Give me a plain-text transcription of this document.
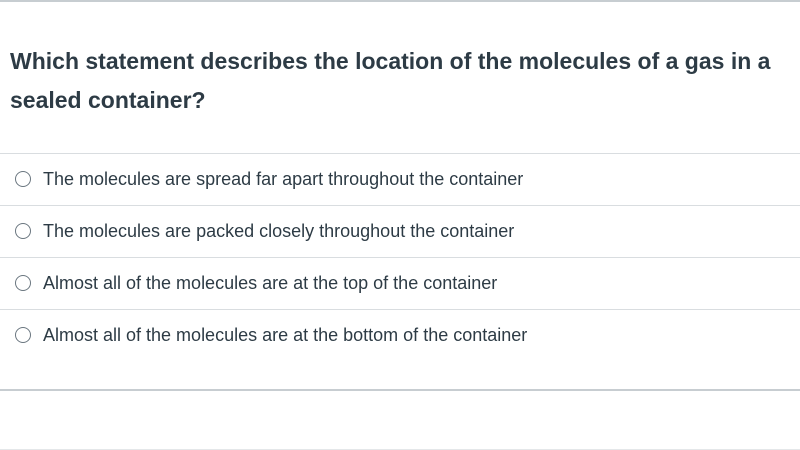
Which statement describes the location of the molecules of a gas in a sealed container?
The molecules are spread far apart throughout the container
The molecules are packed closely throughout the container
Almost all of the molecules are at the top of the container
Almost all of the molecules are at the bottom of the container
